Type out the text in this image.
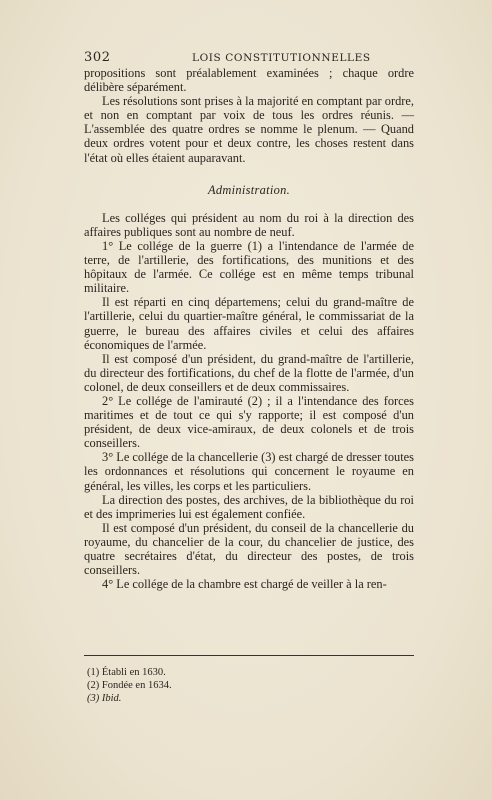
302	LOIS CONSTITUTIONNELLES

propositions sont préalablement examinées ; chaque ordre délibère séparément.

Les résolutions sont prises à la majorité en comptant par ordre, et non en comptant par voix de tous les ordres réunis. — L'assemblée des quatre ordres se nomme le plenum. — Quand deux ordres votent pour et deux contre, les choses restent dans l'état où elles étaient auparavant.

Administration.

Les colléges qui président au nom du roi à la direction des affaires publiques sont au nombre de neuf.

1° Le collége de la guerre (1) a l'intendance de l'armée de terre, de l'artillerie, des fortifications, des munitions et des hôpitaux de l'armée. Ce collége est en même temps tribunal militaire.

Il est réparti en cinq départemens; celui du grand-maître de l'artillerie, celui du quartier-maître général, le commissariat de la guerre, le bureau des affaires civiles et celui des affaires économiques de l'armée.

Il est composé d'un président, du grand-maître de l'artillerie, du directeur des fortifications, du chef de la flotte de l'armée, d'un colonel, de deux conseillers et de deux commissaires.

2° Le collége de l'amirauté (2) ; il a l'intendance des forces maritimes et de tout ce qui s'y rapporte; il est composé d'un président, de deux vice-amiraux, de deux colonels et de trois conseillers.

3° Le collége de la chancellerie (3) est chargé de dresser toutes les ordonnances et résolutions qui concernent le royaume en général, les villes, les corps et les particuliers.

La direction des postes, des archives, de la bibliothèque du roi et des imprimeries lui est également confiée.

Il est composé d'un président, du conseil de la chancellerie du royaume, du chancelier de la cour, du chancelier de justice, des quatre secrétaires d'état, du directeur des postes, de trois conseillers.

4° Le collége de la chambre est chargé de veiller à la ren-

(1) Établi en 1630.
(2) Fondée en 1634.
(3) Ibid.
